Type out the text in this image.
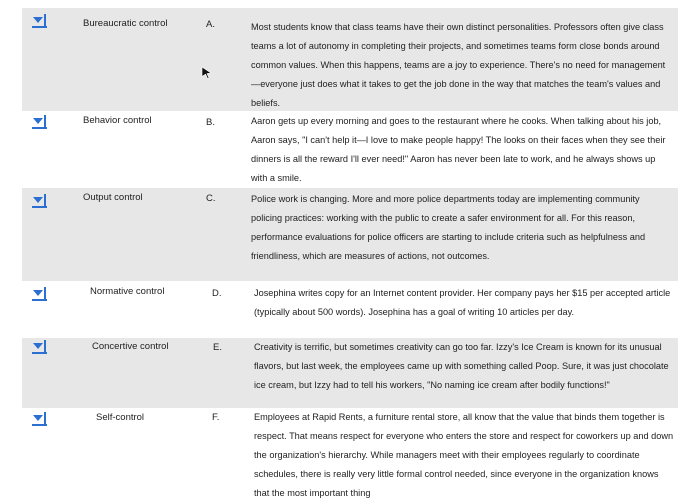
Bureaucratic control	A.	Most students know that class teams have their own distinct personalities. Professors often give class teams a lot of autonomy in completing their projects, and sometimes teams form close bonds around common values. When this happens, teams are a joy to experience. There's no need for management—everyone just does what it takes to get the job done in the way that matches the team's values and beliefs.
Behavior control	B.	Aaron gets up every morning and goes to the restaurant where he cooks. When talking about his job, Aaron says, "I can't help it—I love to make people happy! The looks on their faces when they see their dinners is all the reward I'll ever need!" Aaron has never been late to work, and he always shows up with a smile.
Output control	C.	Police work is changing. More and more police departments today are implementing community policing practices: working with the public to create a safer environment for all. For this reason, performance evaluations for police officers are starting to include criteria such as helpfulness and friendliness, which are measures of actions, not outcomes.
Normative control	D.	Josephina writes copy for an Internet content provider. Her company pays her $15 per accepted article (typically about 500 words). Josephina has a goal of writing 10 articles per day.
Concertive control	E.	Creativity is terrific, but sometimes creativity can go too far. Izzy's Ice Cream is known for its unusual flavors, but last week, the employees came up with something called Poop. Sure, it was just chocolate ice cream, but Izzy had to tell his workers, "No naming ice cream after bodily functions!"
Self-control	F.	Employees at Rapid Rents, a furniture rental store, all know that the value that binds them together is respect. That means respect for everyone who enters the store and respect for coworkers up and down the organization's hierarchy. While managers meet with their employees regularly to coordinate schedules, there is really very little formal control needed, since everyone in the organization knows that the most important thing
